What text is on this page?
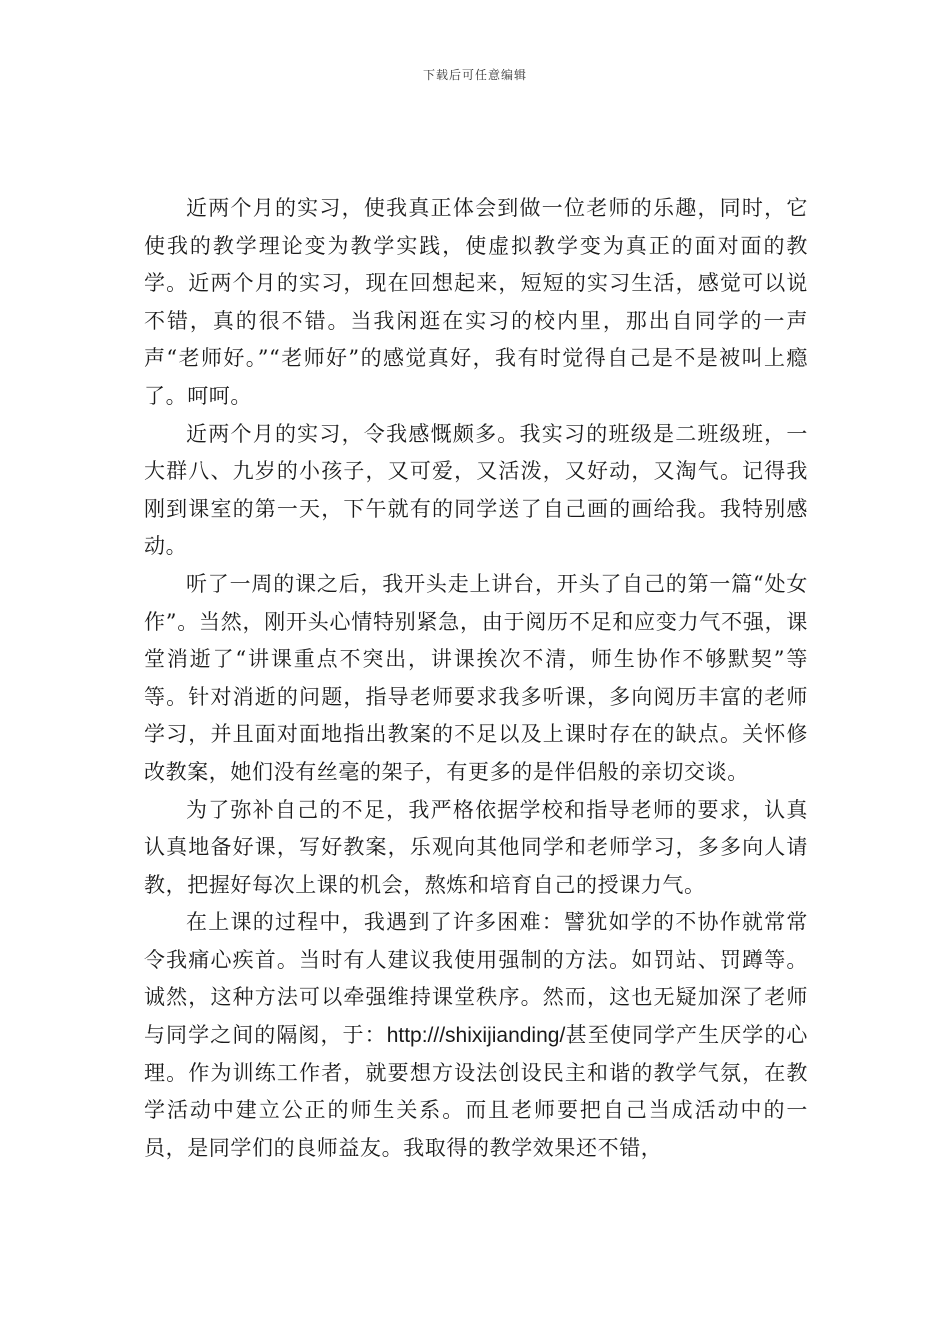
下载后可任意编辑

近两个月的实习，使我真正体会到做一位老师的乐趣，同时，它使我的教学理论变为教学实践，使虚拟教学变为真正的面对面的教学。近两个月的实习，现在回想起来，短短的实习生活，感觉可以说不错，真的很不错。当我闲逛在实习的校内里，那出自同学的一声声“老师好。”“老师好”的感觉真好，我有时觉得自己是不是被叫上瘾了。呵呵。

近两个月的实习，令我感慨颇多。我实习的班级是二班级班，一大群八、九岁的小孩子，又可爱，又活泼，又好动，又淘气。记得我刚到课室的第一天，下午就有的同学送了自己画的画给我。我特别感动。

听了一周的课之后，我开头走上讲台，开头了自己的第一篇“处女作”。当然，刚开头心情特别紧急，由于阅历不足和应变力气不强，课堂消逝了“讲课重点不突出，讲课挨次不清，师生协作不够默契”等等。针对消逝的问题，指导老师要求我多听课，多向阅历丰富的老师学习，并且面对面地指出教案的不足以及上课时存在的缺点。关怀修改教案，她们没有丝毫的架子，有更多的是伴侣般的亲切交谈。

为了弥补自己的不足，我严格依据学校和指导老师的要求，认真认真地备好课，写好教案，乐观向其他同学和老师学习，多多向人请教，把握好每次上课的机会，熬炼和培育自己的授课力气。

在上课的过程中，我遇到了许多困难：譬犹如学的不协作就常常令我痛心疾首。当时有人建议我使用强制的方法。如罚站、罚蹲等。诚然，这种方法可以牵强维持课堂秩序。然而，这也无疑加深了老师与同学之间的隔阂，于：http:///shixijianding/甚至使同学产生厌学的心理。作为训练工作者，就要想方设法创设民主和谐的教学气氛，在教学活动中建立公正的师生关系。而且老师要把自己当成活动中的一员，是同学们的良师益友。我取得的教学效果还不错，
